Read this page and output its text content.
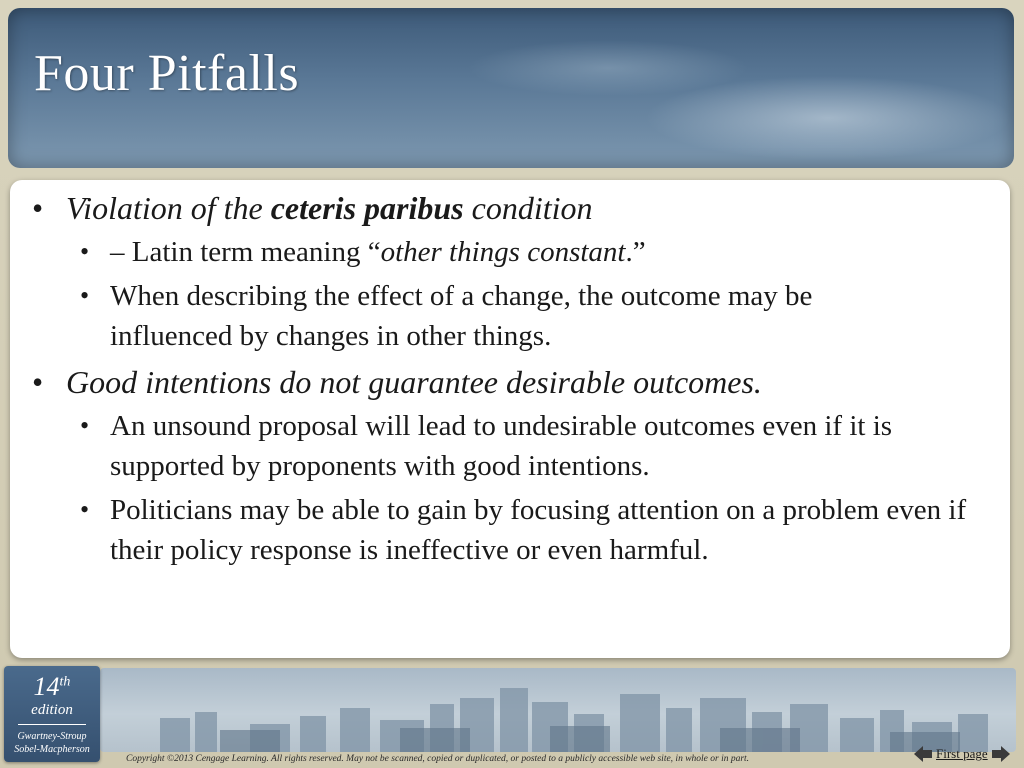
Four Pitfalls
• Violation of the ceteris paribus condition
• – Latin term meaning “other things constant.”
• When describing the effect of a change, the outcome may be influenced by changes in other things.
• Good intentions do not guarantee desirable outcomes.
• An unsound proposal will lead to undesirable outcomes even if it is supported by proponents with good intentions.
• Politicians may be able to gain by focusing attention on a problem even if their policy response is ineffective or even harmful.
14th
edition
Gwartney-Stroup
Sobel-Macpherson
Copyright ©2013 Cengage Learning. All rights reserved. May not be scanned, copied or duplicated, or posted to a publicly accessible web site, in whole or in part.	First page
